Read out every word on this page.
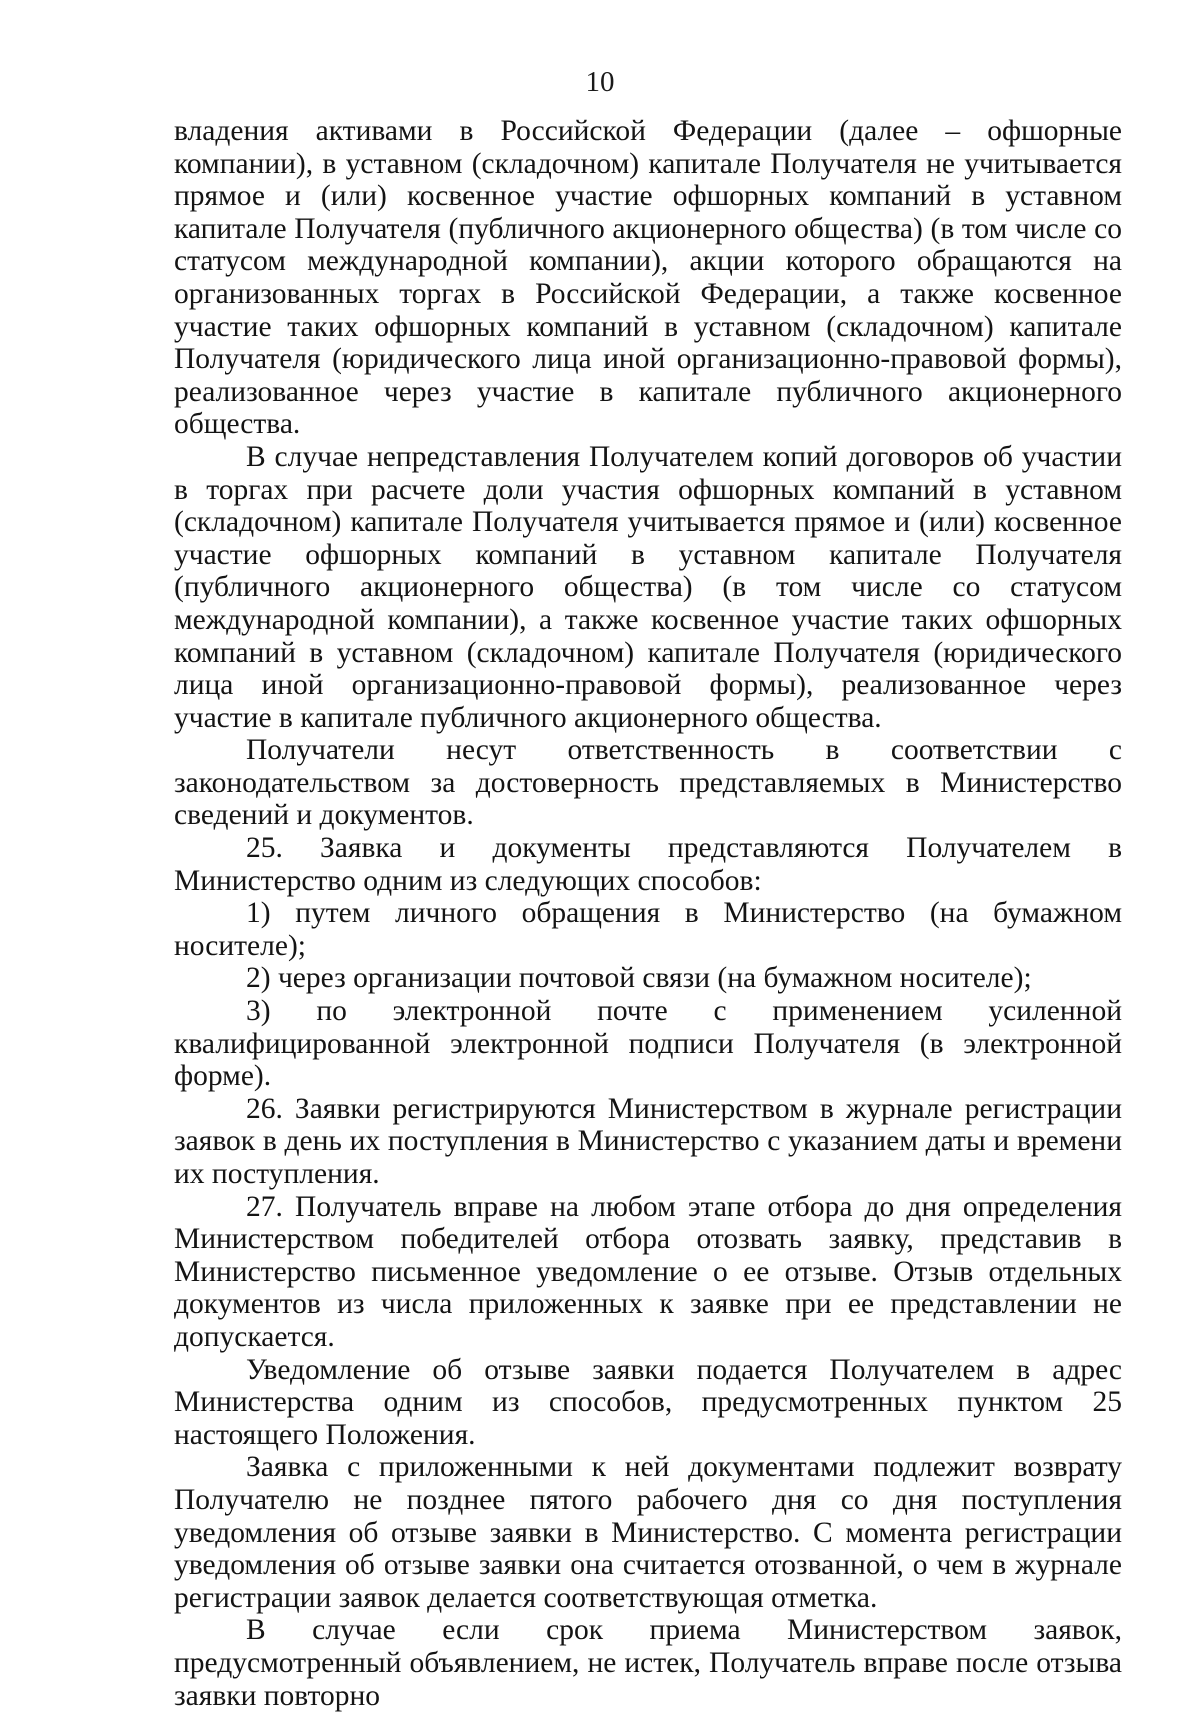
10

владения активами в Российской Федерации (далее – офшорные компании), в уставном (складочном) капитале Получателя не учитывается прямое и (или) косвенное участие офшорных компаний в уставном капитале Получателя (публичного акционерного общества) (в том числе со статусом международной компании), акции которого обращаются на организованных торгах в Российской Федерации, а также косвенное участие таких офшорных компаний в уставном (складочном) капитале Получателя (юридического лица иной организационно-правовой формы), реализованное через участие в капитале публичного акционерного общества.

В случае непредставления Получателем копий договоров об участии в торгах при расчете доли участия офшорных компаний в уставном (складочном) капитале Получателя учитывается прямое и (или) косвенное участие офшорных компаний в уставном капитале Получателя (публичного акционерного общества) (в том числе со статусом международной компании), а также косвенное участие таких офшорных компаний в уставном (складочном) капитале Получателя (юридического лица иной организационно-правовой формы), реализованное через участие в капитале публичного акционерного общества.

Получатели несут ответственность в соответствии с законодательством за достоверность представляемых в Министерство сведений и документов.

25. Заявка и документы представляются Получателем в Министерство одним из следующих способов:

1) путем личного обращения в Министерство (на бумажном носителе);

2) через организации почтовой связи (на бумажном носителе);

3) по электронной почте с применением усиленной квалифицированной электронной подписи Получателя (в электронной форме).

26. Заявки регистрируются Министерством в журнале регистрации заявок в день их поступления в Министерство с указанием даты и времени их поступления.

27. Получатель вправе на любом этапе отбора до дня определения Министерством победителей отбора отозвать заявку, представив в Министерство письменное уведомление о ее отзыве. Отзыв отдельных документов из числа приложенных к заявке при ее представлении не допускается.

Уведомление об отзыве заявки подается Получателем в адрес Министерства одним из способов, предусмотренных пунктом 25 настоящего Положения.

Заявка с приложенными к ней документами подлежит возврату Получателю не позднее пятого рабочего дня со дня поступления уведомления об отзыве заявки в Министерство. С момента регистрации уведомления об отзыве заявки она считается отозванной, о чем в журнале регистрации заявок делается соответствующая отметка.

В случае если срок приема Министерством заявок, предусмотренный объявлением, не истек, Получатель вправе после отзыва заявки повторно
